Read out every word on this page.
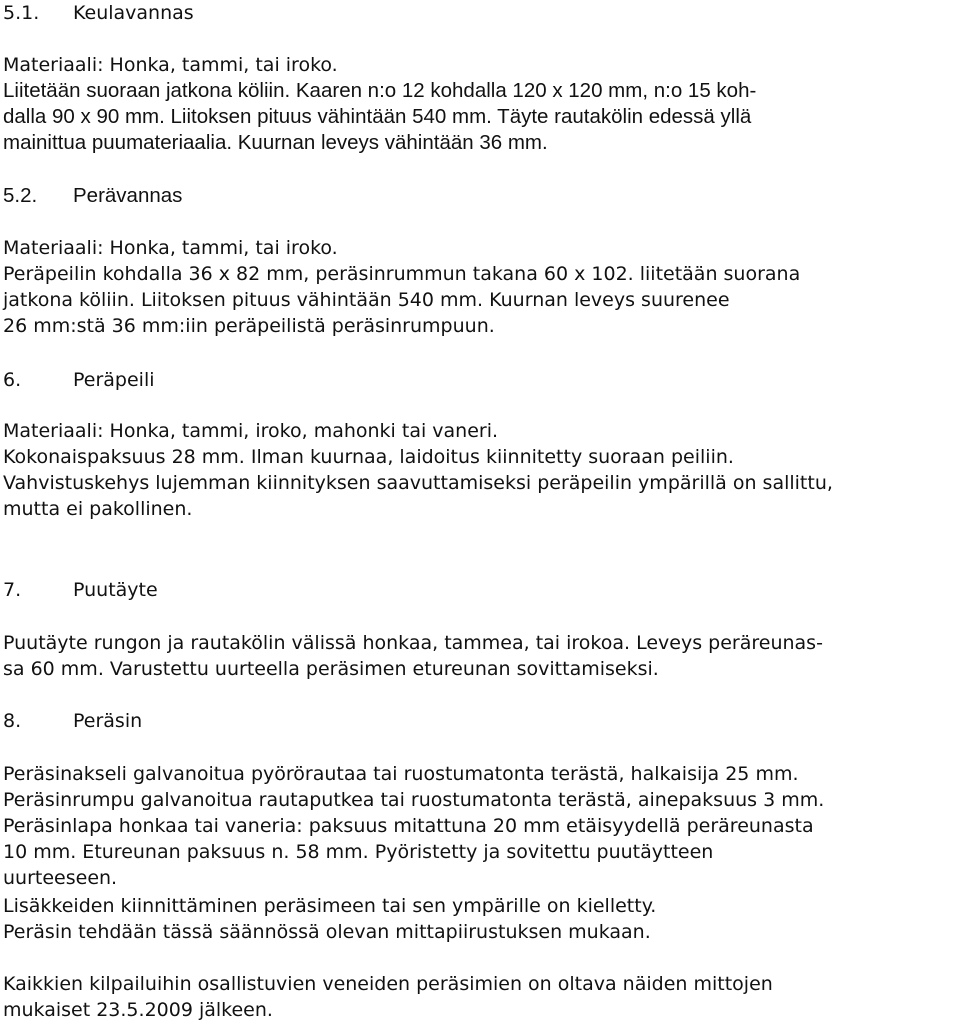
5.1. Keulavannas
Materiaali: Honka, tammi, tai iroko.
Liitetään suoraan jatkona köliin. Kaaren n:o 12 kohdalla 120 x 120 mm, n:o 15 koh-
dalla 90 x 90 mm. Liitoksen pituus vähintään 540 mm. Täyte rautakölin edessä yllä
mainittua puumateriaalia. Kuurnan leveys vähintään 36 mm.
5.2. Perävannas
Materiaali: Honka, tammi, tai iroko.
Peräpeilin kohdalla 36 x 82 mm, peräsinrummun takana 60 x 102. liitetään suorana
jatkona köliin. Liitoksen pituus vähintään 540 mm. Kuurnan leveys suurenee
26 mm:stä 36 mm:iin peräpeilistä peräsinrumpuun.
6.	Peräpeili
Materiaali: Honka, tammi, iroko, mahonki tai vaneri.
Kokonaispaksuus 28 mm. Ilman kuurnaa, laidoitus kiinnitetty suoraan peiliin.
Vahvistuskehys lujemman kiinnityksen saavuttamiseksi peräpeilin ympärillä on sallittu,
mutta ei pakollinen.
7.	Puutäyte
Puutäyte rungon ja rautakölin välissä honkaa, tammea, tai irokoa. Leveys peräreunas-
sa 60 mm. Varustettu uurteella peräsimen etureunan sovittamiseksi.
8.	Peräsin
Peräsinakseli galvanoitua pyörörautaa tai ruostumatonta terästä, halkaisija 25 mm.
Peräsinrumpu galvanoitua rautaputkea tai ruostumatonta terästä, ainepaksuus 3 mm.
Peräsinlapa honkaa tai vaneria: paksuus mitattuna 20 mm etäisyydellä peräreunasta
10 mm. Etureunan paksuus n. 58 mm. Pyöristetty ja sovitettu puutäytteen
uurteeseen.
Lisäkkeiden kiinnittäminen peräsimeen tai sen ympärille on kielletty.
Peräsin tehdään tässä säännössä olevan mittapiirustuksen mukaan.
Kaikkien kilpailuihin osallistuvien veneiden peräsimien on oltava näiden mittojen
mukaiset 23.5.2009 jälkeen.
